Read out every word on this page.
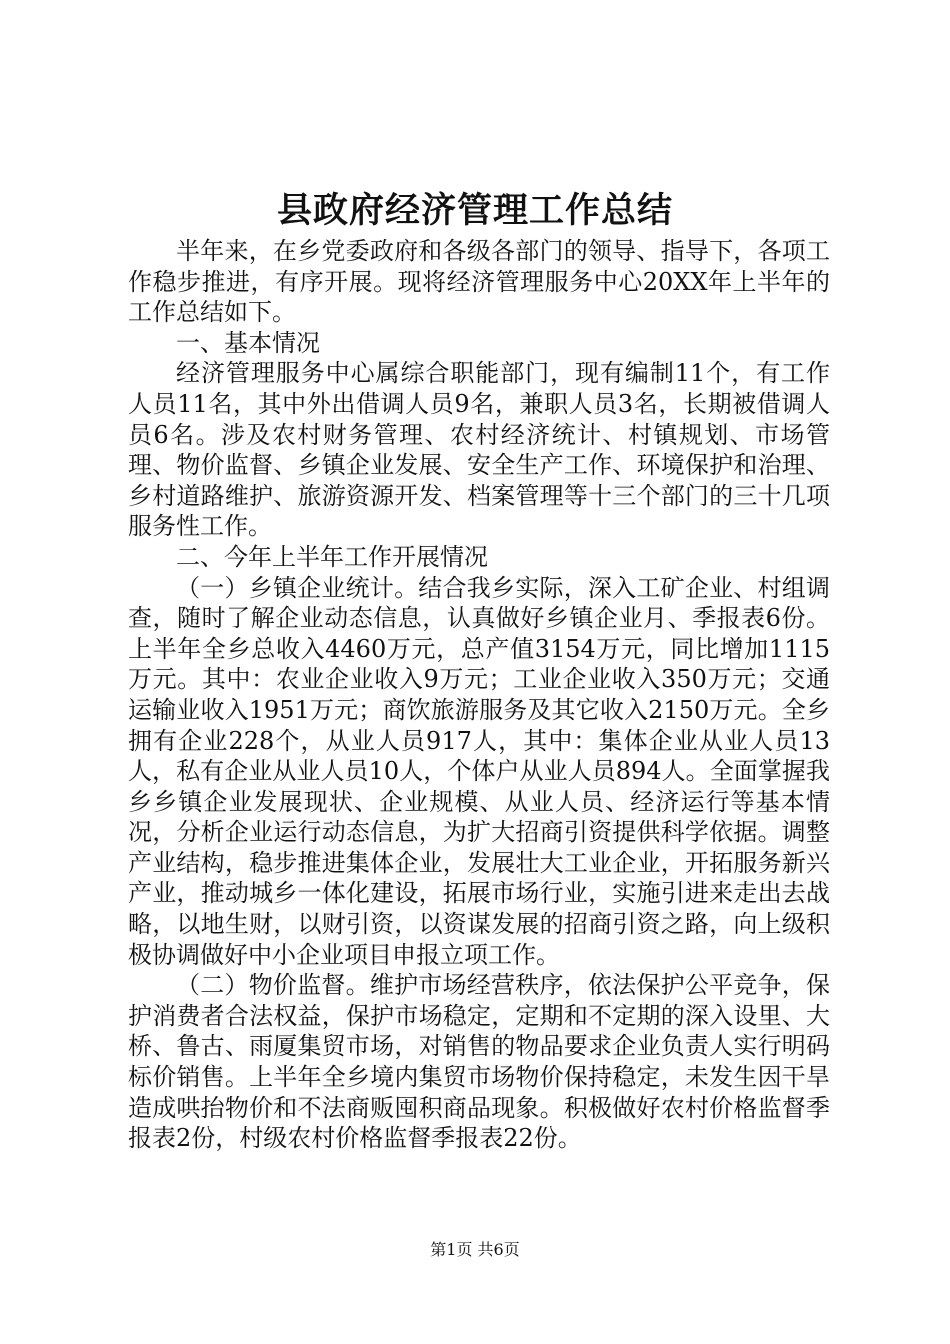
县政府经济管理工作总结

半年来，在乡党委政府和各级各部门的领导、指导下，各项工作稳步推进，有序开展。现将经济管理服务中心20XX年上半年的工作总结如下。

一、基本情况

经济管理服务中心属综合职能部门，现有编制11个，有工作人员11名，其中外出借调人员9名，兼职人员3名，长期被借调人员6名。涉及农村财务管理、农村经济统计、村镇规划、市场管理、物价监督、乡镇企业发展、安全生产工作、环境保护和治理、乡村道路维护、旅游资源开发、档案管理等十三个部门的三十几项服务性工作。

二、今年上半年工作开展情况

（一）乡镇企业统计。结合我乡实际，深入工矿企业、村组调查，随时了解企业动态信息，认真做好乡镇企业月、季报表6份。上半年全乡总收入4460万元，总产值3154万元，同比增加1115万元。其中：农业企业收入9万元；工业企业收入350万元；交通运输业收入1951万元；商饮旅游服务及其它收入2150万元。全乡拥有企业228个，从业人员917人，其中：集体企业从业人员13人，私有企业从业人员10人，个体户从业人员894人。全面掌握我乡乡镇企业发展现状、企业规模、从业人员、经济运行等基本情况，分析企业运行动态信息，为扩大招商引资提供科学依据。调整产业结构，稳步推进集体企业，发展壮大工业企业，开拓服务新兴产业，推动城乡一体化建设，拓展市场行业，实施引进来走出去战略，以地生财，以财引资，以资谋发展的招商引资之路，向上级积极协调做好中小企业项目申报立项工作。

（二）物价监督。维护市场经营秩序，依法保护公平竞争，保护消费者合法权益，保护市场稳定，定期和不定期的深入设里、大桥、鲁古、雨厦集贸市场，对销售的物品要求企业负责人实行明码标价销售。上半年全乡境内集贸市场物价保持稳定，未发生因干旱造成哄抬物价和不法商贩囤积商品现象。积极做好农村价格监督季报表2份，村级农村价格监督季报表22份。

第1页 共6页
